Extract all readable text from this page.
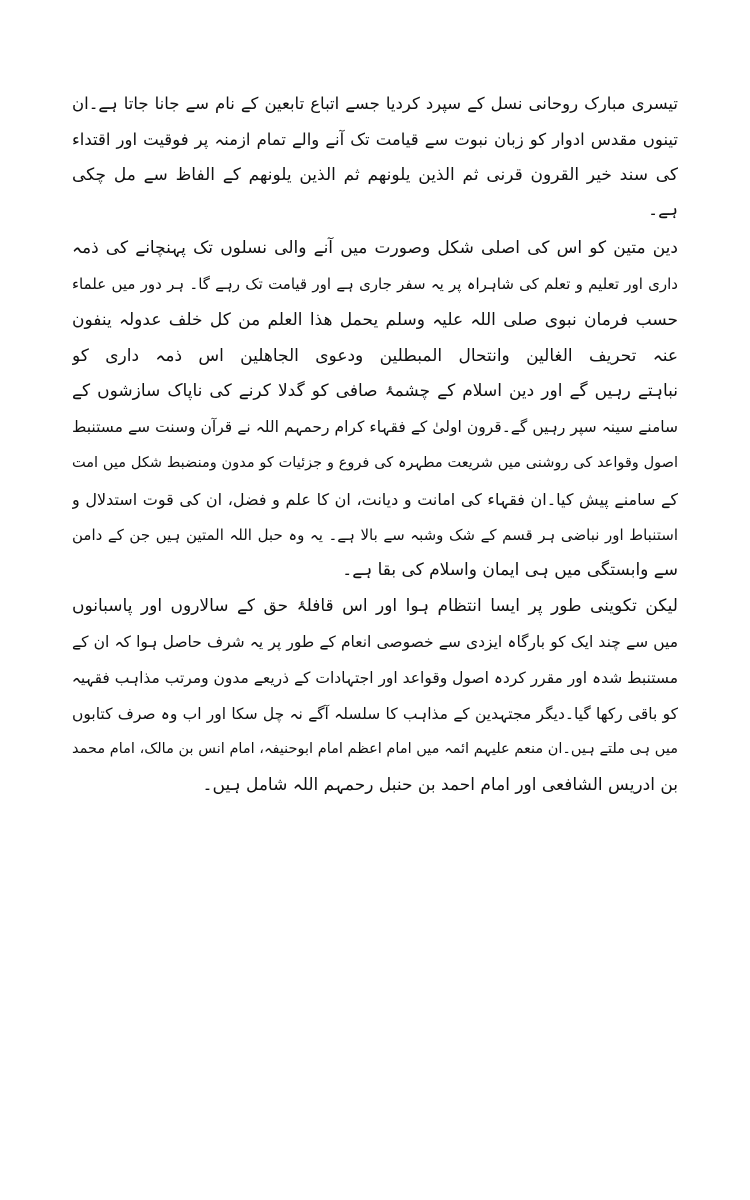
تیسری مبارک روحانی نسل کے سپرد کردیا جسے اتباع تابعین کے نام سے جانا جاتا ہے۔ان
تینوں مقدس ادوار کو زبان نبوت سے قیامت تک آنے والے تمام ازمنہ پر فوقیت اور اقتداء
کی سند خیر القرون قرنی ثم الذین یلونھم ثم الذین یلونھم کے الفاظ سے مل چکی
ہے۔
دین متین کو اس کی اصلی شکل وصورت میں آنے والی نسلوں تک پہنچانے کی ذمہ
داری اور تعلیم و تعلم کی شاہراہ پر یہ سفر جاری ہے اور قیامت تک رہے گا۔ ہر دور میں علماء
حسب فرمان نبوی صلی اللہ علیہ وسلم یحمل ھذا العلم من کل خلف عدولہ ینفون
عنہ تحریف الغالین وانتحال المبطلین ودعوی الجاھلین اس ذمہ داری کو
نباہتے رہیں گے اور دین اسلام کے چشمۂ صافی کو گدلا کرنے کی ناپاک سازشوں کے
سامنے سینہ سپر رہیں گے۔قرون اولیٰ کے فقہاء کرام رحمہم اللہ نے قرآن وسنت سے مستنبط
اصول وقواعد کی روشنی میں شریعت مطہرہ کی فروع و جزئیات کو مدون ومنضبط شکل میں امت
کے سامنے پیش کیا۔ان فقہاء کی امانت و دیانت، ان کا علم و فضل، ان کی قوت استدلال و
استنباط اور نباضی ہر قسم کے شک وشبہ سے بالا ہے۔ یہ وہ حبل اللہ المتین ہیں جن کے دامن
سے وابستگی میں ہی ایمان واسلام کی بقا ہے۔
لیکن تکوینی طور پر ایسا انتظام ہوا اور اس قافلۂ حق کے سالاروں اور پاسبانوں
میں سے چند ایک کو بارگاہ ایزدی سے خصوصی انعام کے طور پر یہ شرف حاصل ہوا کہ ان کے
مستنبط شدہ اور مقرر کردہ اصول وقواعد اور اجتہادات کے ذریعے مدون ومرتب مذاہب فقہیہ
کو باقی رکھا گیا۔دیگر مجتہدین کے مذاہب کا سلسلہ آگے نہ چل سکا اور اب وہ صرف کتابوں
میں ہی ملتے ہیں۔ان منعم علیہم ائمہ میں امام اعظم امام ابوحنیفہ، امام انس بن مالک، امام محمد
بن ادریس الشافعی اور امام احمد بن حنبل رحمہم اللہ شامل ہیں۔
